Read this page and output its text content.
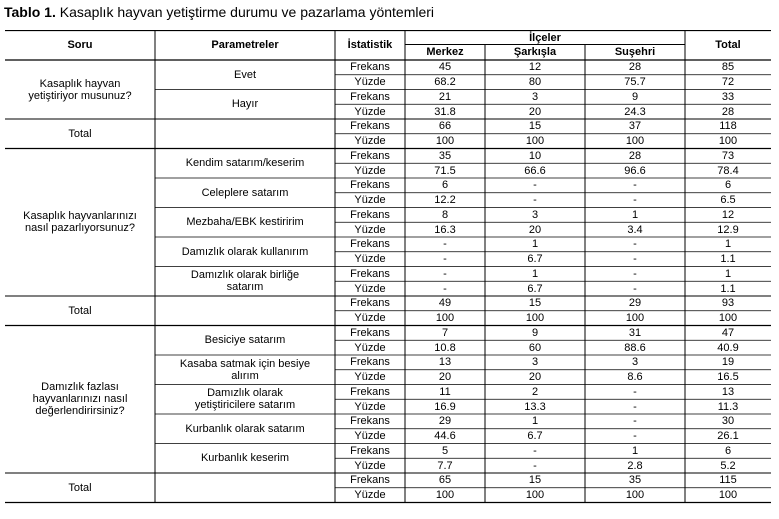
Tablo 1. Kasaplık hayvan yetiştirme durumu ve pazarlama yöntemleri
Soru	Parametreler	İstatistik
İlçeler
Merkez	Şarkışla	Suşehri
Total
Kasaplık hayvan
yetiştiriyor musunuz?
Evet
Frekans	45	12	28	85
Yüzde	68.2	80	75.7	72
Hayır
Frekans	21	3	9	33
Yüzde	31.8	20	24.3	28
Total
Frekans	66	15	37	118
Yüzde	100	100	100	100
Kasaplık hayvanlarınızı
nasıl pazarlıyorsunuz?
Kendim satarım/keserim
Frekans	35	10	28	73
Yüzde	71.5	66.6	96.6	78.4
Celeplere satarım
Frekans	6	-	-	6
Yüzde	12.2	-	-	6.5
Mezbaha/EBK kestiririm
Frekans	8	3	1	12
Yüzde	16.3	20	3.4	12.9
Damızlık olarak kullanırım
Frekans	-	1	-	1
Yüzde	-	6.7	-	1.1
Damızlık olarak birliğe
satarım
Frekans	-	1	-	1
Yüzde	-	6.7	-	1.1
Total
Frekans	49	15	29	93
Yüzde	100	100	100	100
Damızlık fazlası
hayvanlarınızı nasıl
değerlendirirsiniz?
Besiciye satarım
Frekans	7	9	31	47
Yüzde	10.8	60	88.6	40.9
Kasaba satmak için besiye
alırım
Frekans	13	3	3	19
Yüzde	20	20	8.6	16.5
Damızlık olarak
yetiştiricilere satarım
Frekans	11	2	-	13
Yüzde	16.9	13.3	-	11.3
Kurbanlık olarak satarım
Frekans	29	1	-	30
Yüzde	44.6	6.7	-	26.1
Kurbanlık keserim
Frekans	5	-	1	6
Yüzde	7.7	-	2.8	5.2
Total
Frekans	65	15	35	115
Yüzde	100	100	100	100
